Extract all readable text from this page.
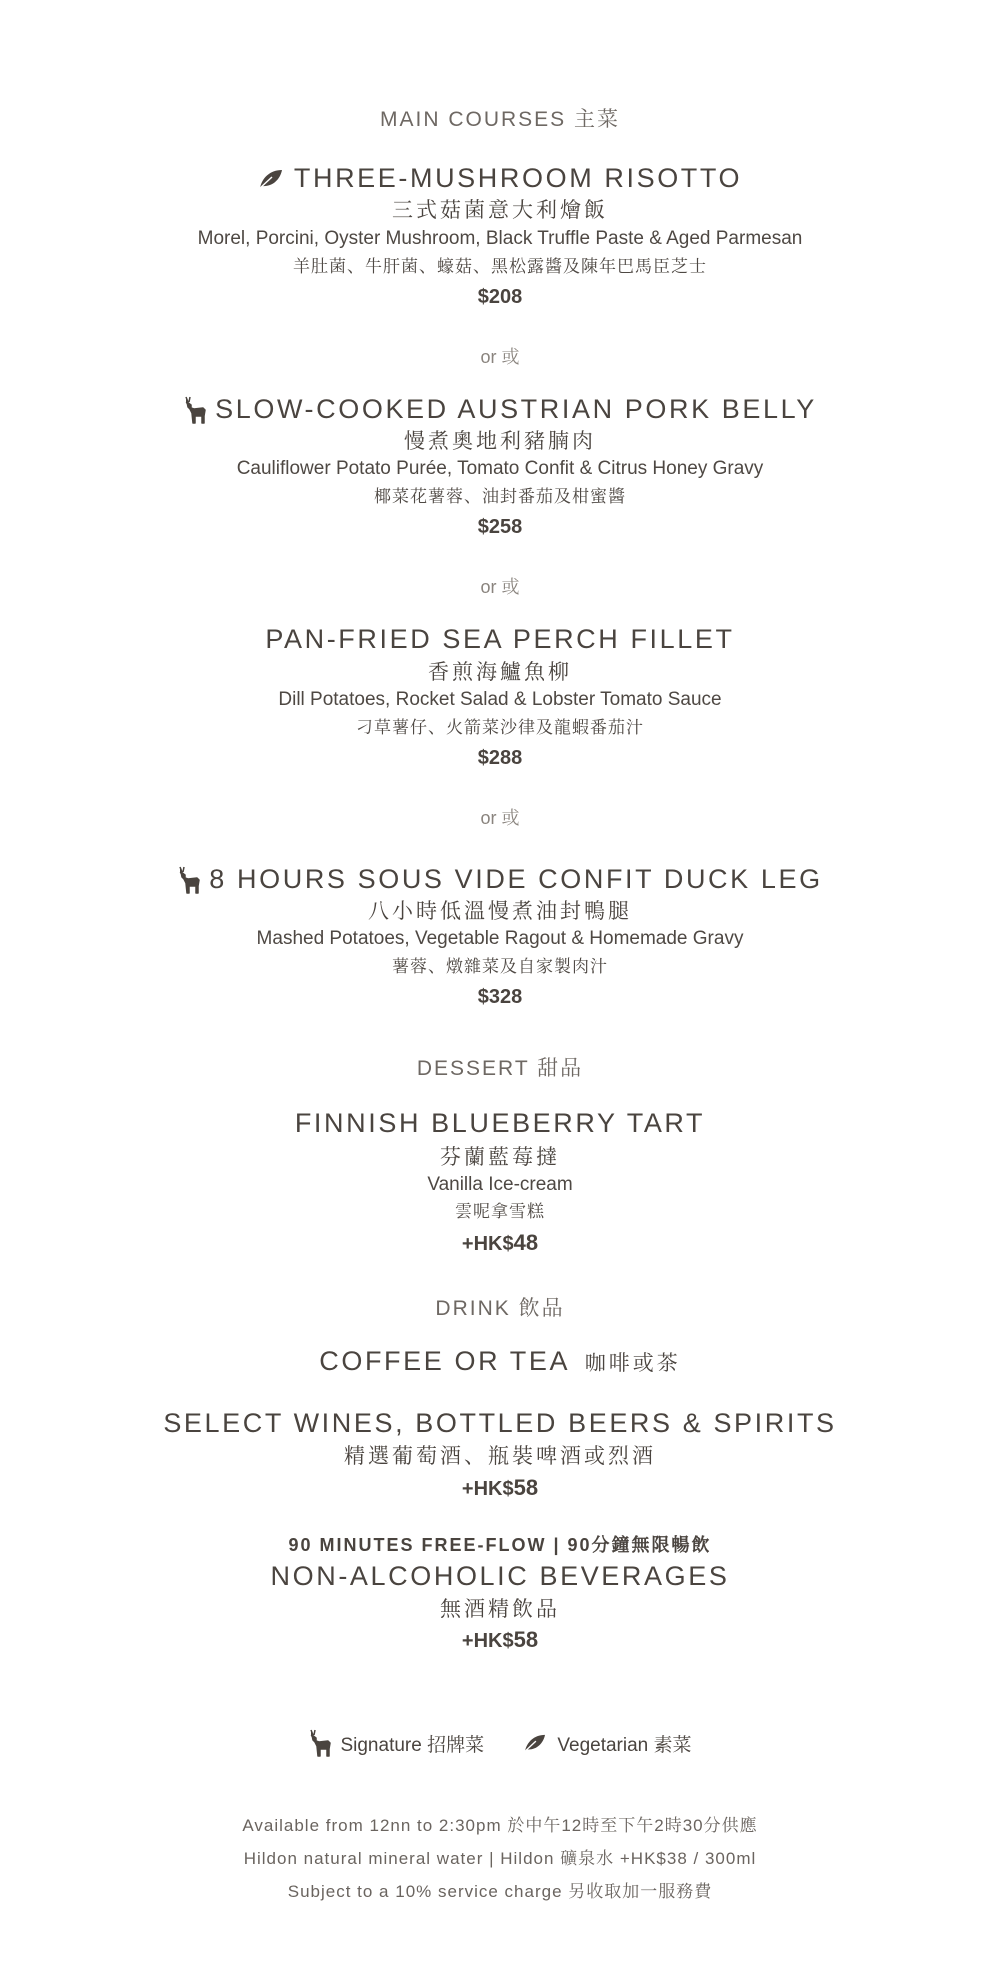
MAIN COURSES 主菜
THREE-MUSHROOM RISOTTO
三式菇菌意大利燴飯
Morel, Porcini, Oyster Mushroom, Black Truffle Paste & Aged Parmesan
羊肚菌、牛肝菌、蠔菇、黑松露醬及陳年巴馬臣芝士
$208
or 或
SLOW-COOKED AUSTRIAN PORK BELLY
慢煮奧地利豬腩肉
Cauliflower Potato Purée, Tomato Confit & Citrus Honey Gravy
椰菜花薯蓉、油封番茄及柑蜜醬
$258
or 或
PAN-FRIED SEA PERCH FILLET
香煎海鱸魚柳
Dill Potatoes, Rocket Salad & Lobster Tomato Sauce
刁草薯仔、火箭菜沙律及龍蝦番茄汁
$288
or 或
8 HOURS SOUS VIDE CONFIT DUCK LEG
八小時低溫慢煮油封鴨腿
Mashed Potatoes, Vegetable Ragout & Homemade Gravy
薯蓉、燉雜菜及自家製肉汁
$328
DESSERT 甜品
FINNISH BLUEBERRY TART
芬蘭藍莓撻
Vanilla Ice-cream
雲呢拿雪糕
+HK$48
DRINK 飲品
COFFEE OR TEA 咖啡或茶
SELECT WINES, BOTTLED BEERS & SPIRITS
精選葡萄酒、瓶裝啤酒或烈酒
+HK$58
90 MINUTES FREE-FLOW | 90分鐘無限暢飲
NON-ALCOHOLIC BEVERAGES
無酒精飲品
+HK$58
Signature 招牌菜	Vegetarian 素菜
Available from 12nn to 2:30pm 於中午12時至下午2時30分供應
Hildon natural mineral water | Hildon 礦泉水 +HK$38 / 300ml
Subject to a 10% service charge 另收取加一服務費
